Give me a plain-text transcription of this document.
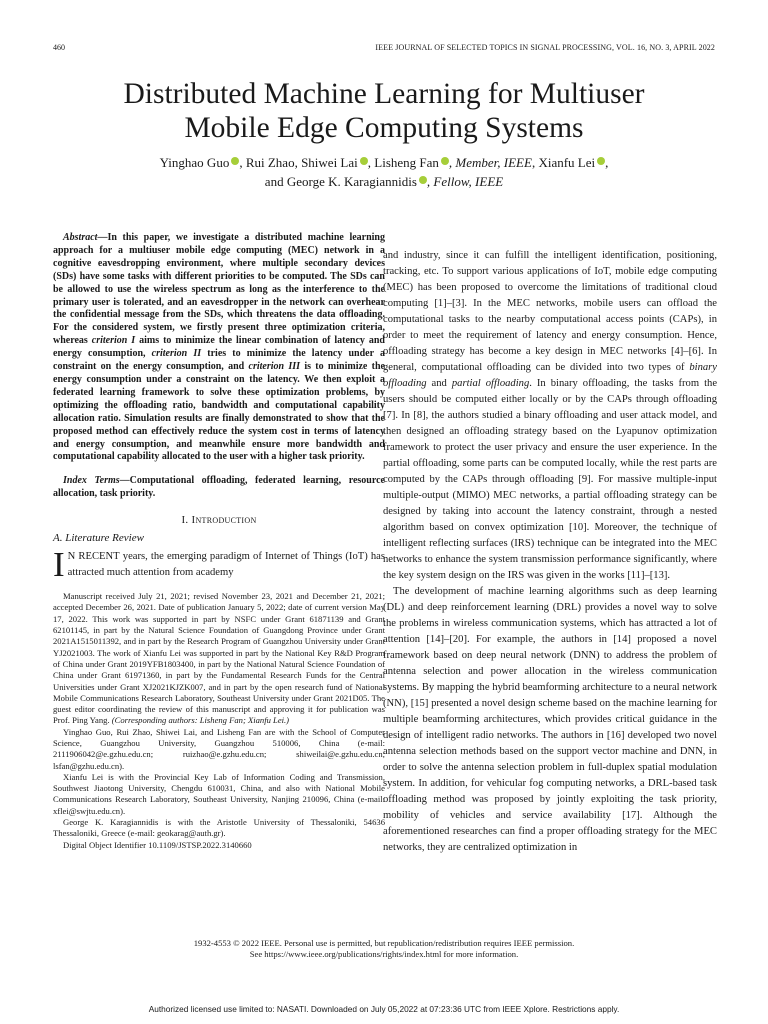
460	IEEE JOURNAL OF SELECTED TOPICS IN SIGNAL PROCESSING, VOL. 16, NO. 3, APRIL 2022
Distributed Machine Learning for Multiuser
Mobile Edge Computing Systems
Yinghao Guo , Rui Zhao, Shiwei Lai , Lisheng Fan , Member, IEEE, Xianfu Lei ,
and George K. Karagiannidis , Fellow, IEEE

Abstract—In this paper, we investigate a distributed machine learning approach for a multiuser mobile edge computing (MEC) network in a cognitive eavesdropping environment, where multiple secondary devices (SDs) have some tasks with different priorities to be computed. The SDs can be allowed to use the wireless spectrum as long as the interference to the primary user is tolerated, and an eavesdropper in the network can overhear the confidential message from the SDs, which threatens the data offloading. For the considered system, we firstly present three optimization criteria, whereas criterion I aims to minimize the linear combination of latency and energy consumption, criterion II tries to minimize the latency under a constraint on the energy consumption, and criterion III is to minimize the energy consumption under a constraint on the latency. We then exploit a federated learning framework to solve these optimization problems, by optimizing the offloading ratio, bandwidth and computational capability allocation ratio. Simulation results are finally demonstrated to show that the proposed method can effectively reduce the system cost in terms of latency and energy consumption, and meanwhile ensure more bandwidth and computational capability allocated to the user with a higher task priority.

Index Terms—Computational offloading, federated learning, resource allocation, task priority.

I. Introduction
A. Literature Review

I N RECENT years, the emerging paradigm of Internet of Things (IoT) has attracted much attention from academy

Manuscript received July 21, 2021; revised November 23, 2021 and December 21, 2021; accepted December 26, 2021. Date of publication January 5, 2022; date of current version May 17, 2022. This work was supported in part by NSFC under Grant 61871139 and Grant 62101145, in part by the Natural Science Foundation of Guangdong Province under Grant 2021A1515011392, and in part by the Research Program of Guangzhou University under Grant YJ2021003. The work of Xianfu Lei was supported in part by the National Key R&D Program of China under Grant 2019YFB1803400, in part by the National Natural Science Foundation of China under Grant 61971360, in part by the Fundamental Research Funds for the Central Universities under Grant XJ2021KJZK007, and in part by the open research fund of National Mobile Communications Research Laboratory, Southeast University under Grant 2021D05. The guest editor coordinating the review of this manuscript and approving it for publication was Prof. Ping Yang. (Corresponding authors: Lisheng Fan; Xianfu Lei.)

Yinghao Guo, Rui Zhao, Shiwei Lai, and Lisheng Fan are with the School of Computer Science, Guangzhou University, Guangzhou 510006, China (e-mail: 2111906042@e.gzhu.edu.cn; ruizhao@e.gzhu.edu.cn; shiweilai@e.gzhu.edu.cn; lsfan@gzhu.edu.cn).

Xianfu Lei is with the Provincial Key Lab of Information Coding and Transmission, Southwest Jiaotong University, Chengdu 610031, China, and also with National Mobile Communications Research Laboratory, Southeast University, Nanjing 210096, China (e-mail: xflei@swjtu.edu.cn).

George K. Karagiannidis is with the Aristotle University of Thessaloniki, 54636 Thessaloniki, Greece (e-mail: geokarag@auth.gr).

Digital Object Identifier 10.1109/JSTSP.2022.3140660

and industry, since it can fulfill the intelligent identification, positioning, tracking, etc. To support various applications of IoT, mobile edge computing (MEC) has been proposed to overcome the limitations of traditional cloud computing [1]–[3]. In the MEC networks, mobile users can offload the computational tasks to the nearby computational access points (CAPs), in order to meet the requirement of latency and energy consumption. Hence, offloading strategy has become a key design in MEC networks [4]–[6]. In general, computational offloading can be divided into two types of binary offloading and partial offloading. In binary offloading, the tasks from the users should be computed either locally or by the CAPs through offloading [7]. In [8], the authors studied a binary offloading and user attack model, and then designed an offloading strategy based on the Lyapunov optimization framework to protect the user privacy and ensure the user experience. In the partial offloading, some parts can be computed locally, while the rest parts are computed by the CAPs through offloading [9]. For massive multiple-input multiple-output (MIMO) MEC networks, a partial offloading strategy can be designed by taking into account the latency constraint, through a nested algorithm based on convex optimization [10]. Moreover, the technique of intelligent reflecting surfaces (IRS) technique can be integrated into the MEC networks to enhance the system transmission performance significantly, where the key system design on the IRS was given in the works [11]–[13].

The development of machine learning algorithms such as deep learning (DL) and deep reinforcement learning (DRL) provides a novel way to solve the problems in wireless communication systems, which has attracted a lot of attention [14]–[20]. For example, the authors in [14] proposed a novel framework based on deep neural network (DNN) to address the problem of antenna selection and power allocation in the wireless communication systems. By mapping the hybrid beamforming architecture to a neural network (NN), [15] presented a novel design scheme based on the machine learning for multiple beamforming architectures, which provides critical guidance in the design of intelligent radio networks. The authors in [16] developed two novel antenna selection methods based on the support vector machine and DNN, in order to solve the antenna selection problem in full-duplex spatial modulation system. In addition, for vehicular fog computing networks, a DRL-based task offloading method was proposed by jointly exploiting the task priority, mobility of vehicles and service availability [17]. Although the aforementioned researches can find a proper offloading strategy for the MEC networks, they are centralized optimization in

1932-4553 © 2022 IEEE. Personal use is permitted, but republication/redistribution requires IEEE permission.
See https://www.ieee.org/publications/rights/index.html for more information.
Authorized licensed use limited to: NASATI. Downloaded on July 05,2022 at 07:23:36 UTC from IEEE Xplore. Restrictions apply.
